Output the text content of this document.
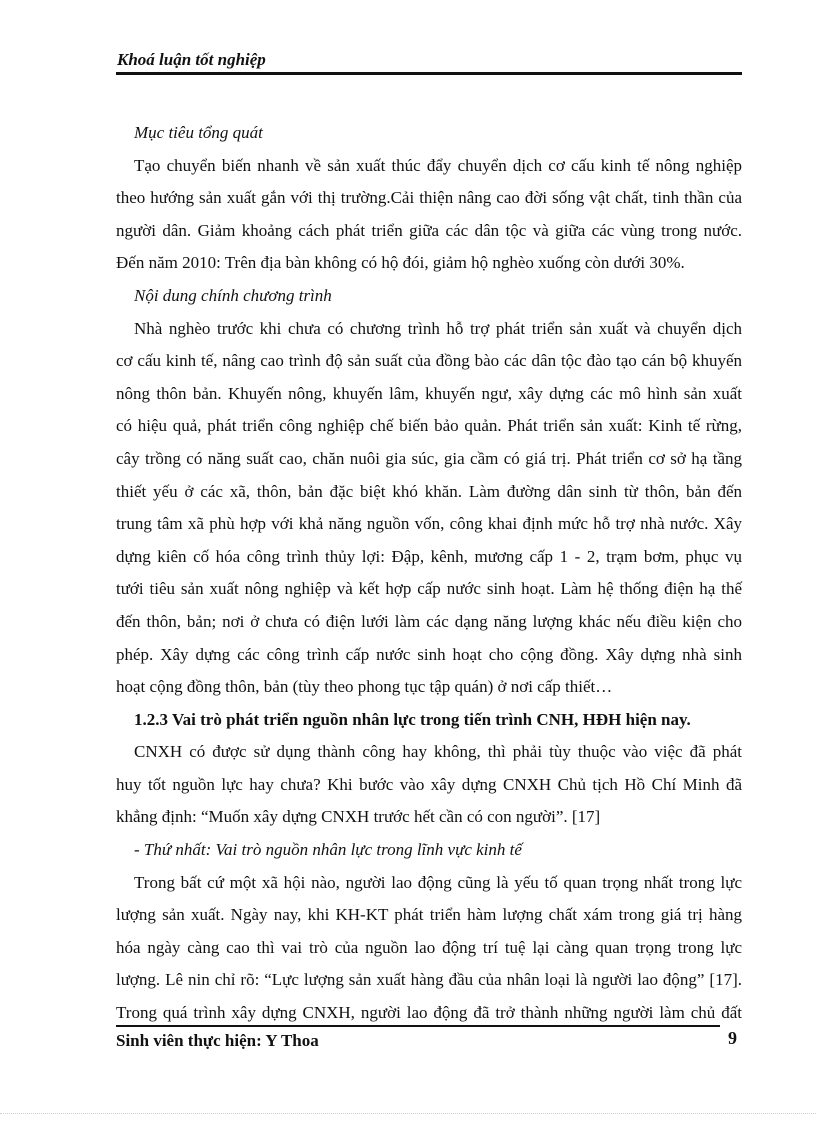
Khoá luận tốt nghiệp

Mục tiêu tổng quát

Tạo chuyển biến nhanh về sản xuất thúc đẩy chuyển dịch cơ cấu kinh tế nông nghiệp

theo hướng sản xuất gắn với thị trường.Cải thiện nâng cao đời sống vật chất, tinh thần của

người dân. Giảm khoảng cách phát triển giữa các dân tộc và giữa các vùng trong nước.

Đến năm 2010: Trên địa bàn không có hộ đói, giảm hộ nghèo xuống còn dưới 30%.

Nội dung chính chương trình

Nhà nghèo trước khi chưa có chương trình hỗ trợ phát triển sản xuất và chuyển dịch

cơ cấu kinh tế, nâng cao trình độ sản suất của đồng bào các dân tộc đào tạo cán bộ khuyến

nông thôn bản. Khuyến nông, khuyến lâm, khuyến ngư, xây dựng các mô hình sản xuất

có hiệu quả, phát triển công nghiệp chế biến bảo quản. Phát triển sản xuất: Kinh tế rừng,

cây trồng có năng suất cao, chăn nuôi gia súc, gia cầm có giá trị. Phát triển cơ sở hạ tầng

thiết yếu ở các xã, thôn, bản đặc biệt khó khăn. Làm đường dân sinh từ thôn, bản đến

trung tâm xã phù hợp với khả năng nguồn vốn, công khai định mức hỗ trợ nhà nước. Xây

dựng kiên cố hóa công trình thủy lợi: Đập, kênh, mương cấp 1 - 2, trạm bơm, phục vụ

tưới tiêu sản xuất nông nghiệp và kết hợp cấp nước sinh hoạt. Làm hệ thống điện hạ thế

đến thôn, bản; nơi ở chưa có điện lưới làm các dạng năng lượng khác nếu điều kiện cho

phép. Xây dựng các công trình cấp nước sinh hoạt cho cộng đồng. Xây dựng nhà sinh

hoạt cộng đồng thôn, bản (tùy theo phong tục tập quán) ở nơi cấp thiết…

1.2.3 Vai trò phát triển nguồn nhân lực trong tiến trình CNH, HĐH hiện nay.

CNXH có được sử dụng thành công hay không, thì phải tùy thuộc vào việc đã phát

huy tốt nguồn lực hay chưa? Khi bước vào xây dựng CNXH Chủ tịch Hồ Chí Minh đã

khẳng định: “Muốn xây dựng CNXH trước hết cần có con người”. [17]

- Thứ nhất: Vai trò nguồn nhân lực trong lĩnh vực kinh tế

Trong bất cứ một xã hội nào, người lao động cũng là yếu tố quan trọng nhất trong lực

lượng sản xuất. Ngày nay, khi KH-KT phát triển hàm lượng chất xám trong giá trị hàng

hóa ngày càng cao thì vai trò của nguồn lao động trí tuệ lại càng quan trọng trong lực

lượng. Lê nin chỉ rõ: “Lực lượng sản xuất hàng đầu của nhân loại là người lao động” [17].

Trong quá trình xây dựng CNXH, người lao động đã trở thành những người làm chủ đất

Sinh viên thực hiện: Y Thoa	9
